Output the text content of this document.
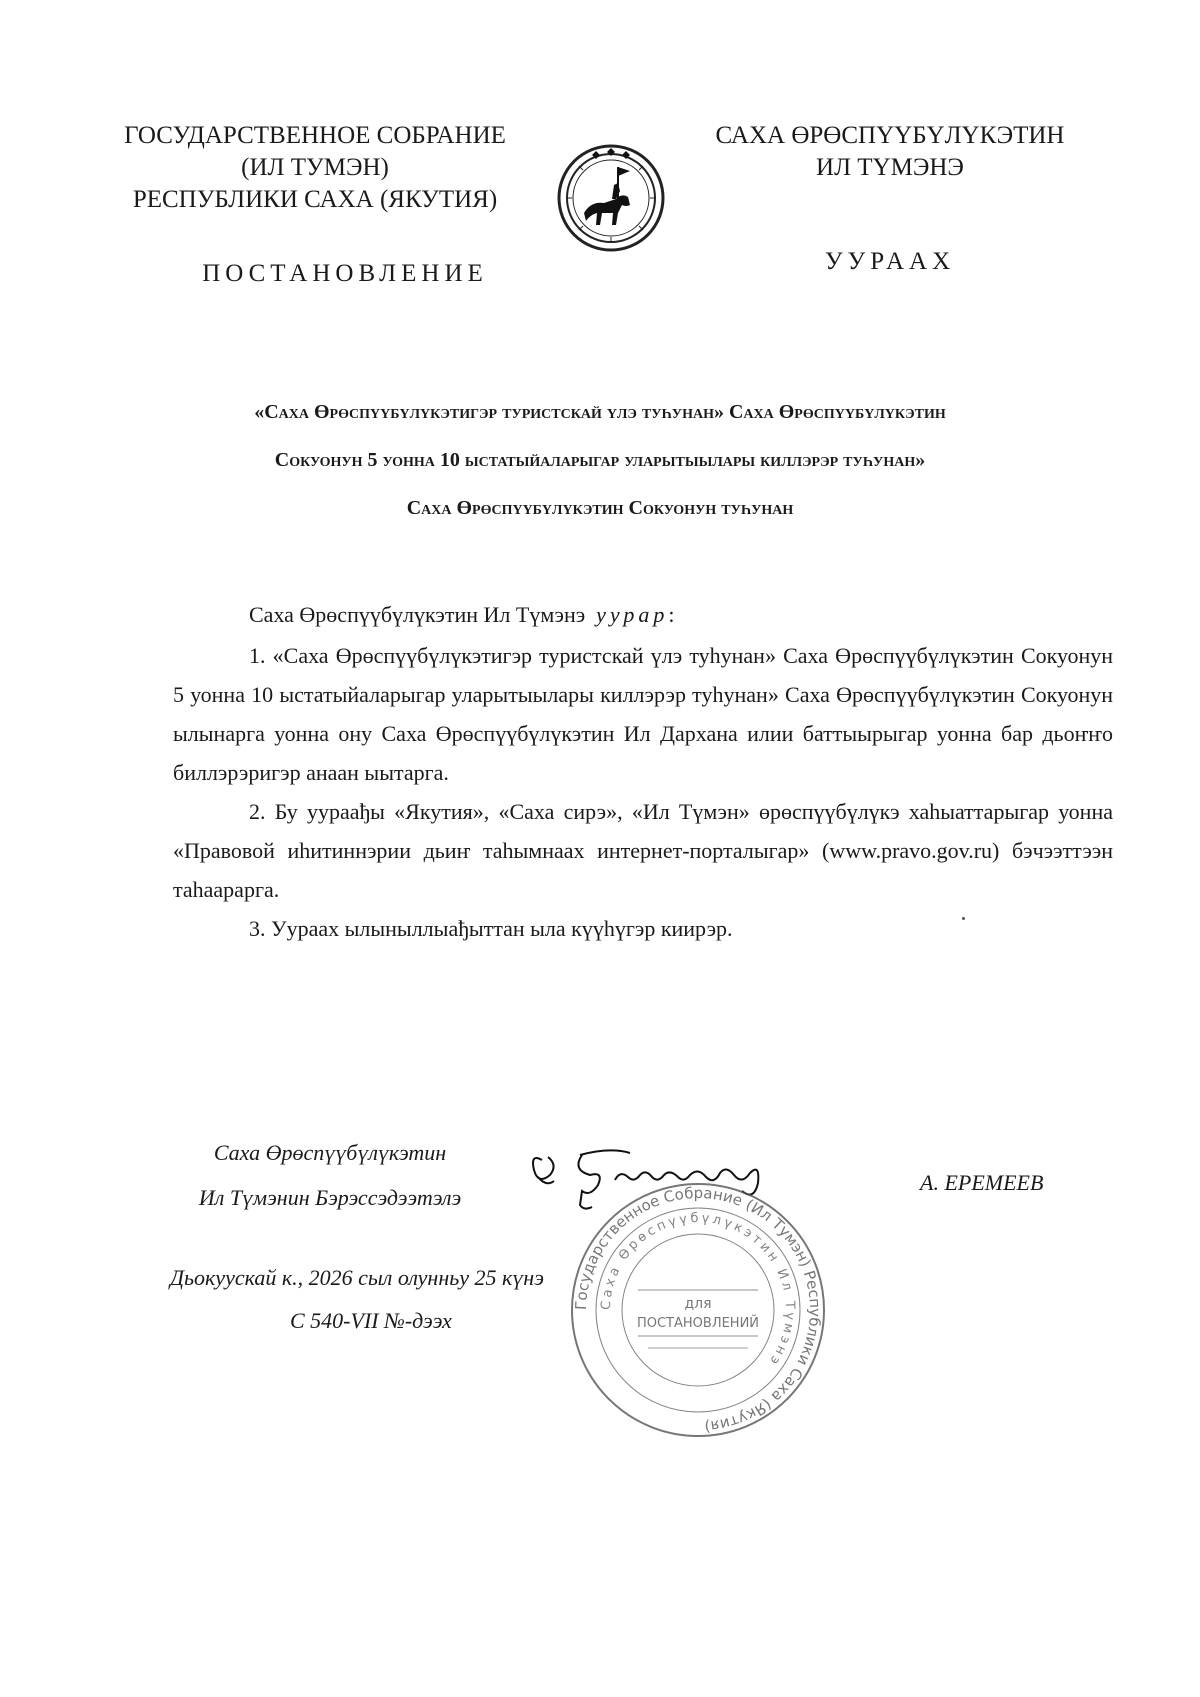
ГОСУДАРСТВЕННОЕ СОБРАНИЕ
(ИЛ ТУМЭН)
РЕСПУБЛИКИ САХА (ЯКУТИЯ)
САХА ӨРӨСПҮҮБҮЛҮКЭТИН
ИЛ ТҮМЭНЭ
ПОСТАНОВЛЕНИЕ	УУРААХ
«Саха Өрөспүүбүлүкэтигэр туристскай үлэ туһунан» Саха Өрөспүүбүлүкэтин
Сокуонун 5 уонна 10 ыстатыйаларыгар уларытыылары киллэрэр туһунан»
Саха Өрөспүүбүлүкэтин Сокуонун туһунан

Саха Өрөспүүбүлүкэтин Ил Түмэнэ уурар:

1. «Саха Өрөспүүбүлүкэтигэр туристскай үлэ туһунан» Саха Өрөспүүбүлүкэтин Сокуонун 5 уонна 10 ыстатыйаларыгар уларытыылары киллэрэр туһунан» Саха Өрөспүүбүлүкэтин Сокуонун ылынарга уонна ону Саха Өрөспүүбүлүкэтин Ил Дархана илии баттыырыгар уонна бар дьоҥҥо биллэрэригэр анаан ыытарга.

2. Бу уураађы «Якутия», «Саха сирэ», «Ил Түмэн» өрөспүүбүлүкэ хаһыаттарыгар уонна «Правовой иһитиннэрии дьиҥ таһымнаах интернет-порталыгар» (www.pravo.gov.ru) бэчээттээн таһаарарга.

3. Уураах ылыныллыађыттан ыла күүһүгэр киирэр.

Саха Өрөспүүбүлүкэтин
Ил Түмэнин Бэрэссэдээтэлэ
А. ЕРЕМЕЕВ
Дьокуускай к., 2026 сыл олунньу 25 күнэ
С 540-VII №-дээх
Государственное Собрание (Ил Тумэн) Республики Саха (Якутия)
Саха Өрөспүүбүлүкэтин Ил Түмэнэ
для
ПОСТАНОВЛЕНИЙ
